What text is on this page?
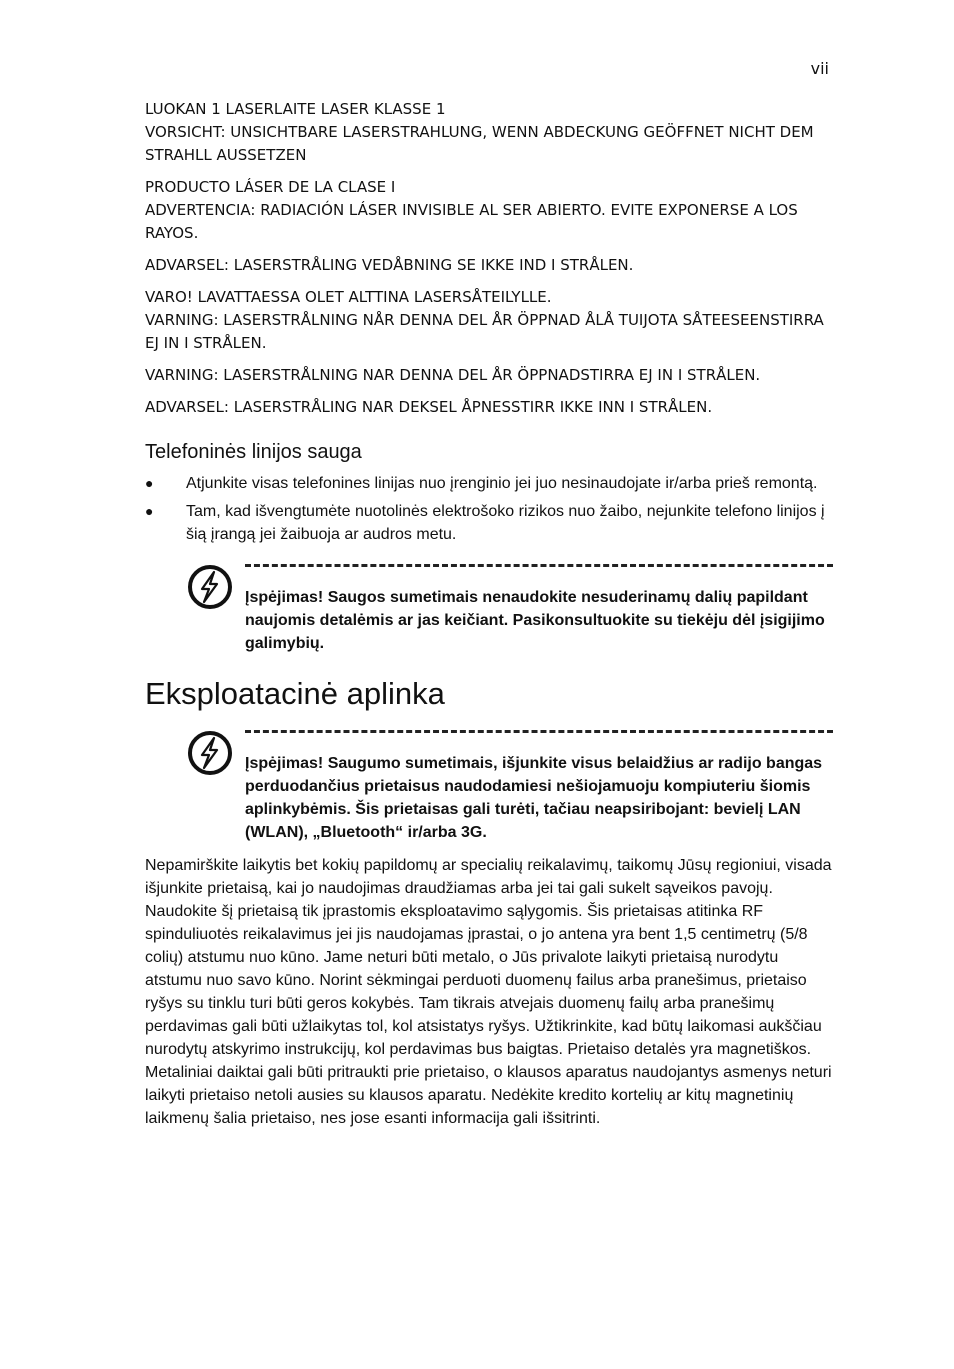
vii
LUOKAN 1 LASERLAITE LASER KLASSE 1
VORSICHT: UNSICHTBARE LASERSTRAHLUNG, WENN ABDECKUNG GEÖFFNET NICHT DEM STRAHLL AUSSETZEN
PRODUCTO LÁSER DE LA CLASE I
ADVERTENCIA: RADIACIÓN LÁSER INVISIBLE AL SER ABIERTO. EVITE EXPONERSE A LOS RAYOS.
ADVARSEL: LASERSTRÅLING VEDÅBNING SE IKKE IND I STRÅLEN.
VARO! LAVATTAESSA OLET ALTTINA LASERSÅTEILYLLE.
VARNING: LASERSTRÅLNING NÅR DENNA DEL ÅR ÖPPNAD ÅLÅ TUIJOTA SÅTEESEENSTIRRA EJ IN I STRÅLEN.
VARNING: LASERSTRÅLNING NAR DENNA DEL ÅR ÖPPNADSTIRRA EJ IN I STRÅLEN.
ADVARSEL: LASERSTRÅLING NAR DEKSEL ÅPNESSTIRR IKKE INN I STRÅLEN.
Telefoninės linijos sauga
● Atjunkite visas telefonines linijas nuo įrenginio jei juo nesinaudojate ir/arba prieš remontą.
● Tam, kad išvengtumėte nuotolinės elektrošoko rizikos nuo žaibo, nejunkite telefono linijos į šią įrangą jei žaibuoja ar audros metu.
Įspėjimas! Saugos sumetimais nenaudokite nesuderinamų dalių papildant naujomis detalėmis ar jas keičiant. Pasikonsultuokite su tiekėju dėl įsigijimo galimybių.
Eksploatacinė aplinka
Įspėjimas! Saugumo sumetimais, išjunkite visus belaidžius ar radijo bangas perduodančius prietaisus naudodamiesi nešiojamuoju kompiuteriu šiomis aplinkybėmis. Šis prietaisas gali turėti, tačiau neapsiribojant: bevielį LAN (WLAN), „Bluetooth“ ir/arba 3G.

Nepamirškite laikytis bet kokių papildomų ar specialių reikalavimų, taikomų Jūsų regioniui, visada išjunkite prietaisą, kai jo naudojimas draudžiamas arba jei tai gali sukelt sąveikos pavojų. Naudokite šį prietaisą tik įprastomis eksploatavimo sąlygomis. Šis prietaisas atitinka RF spinduliuotės reikalavimus jei jis naudojamas įprastai, o jo antena yra bent 1,5 centimetrų (5/8 colių) atstumu nuo kūno. Jame neturi būti metalo, o Jūs privalote laikyti prietaisą nurodytu atstumu nuo savo kūno. Norint sėkmingai perduoti duomenų failus arba pranešimus, prietaiso ryšys su tinklu turi būti geros kokybės. Tam tikrais atvejais duomenų failų arba pranešimų perdavimas gali būti užlaikytas tol, kol atsistatys ryšys. Užtikrinkite, kad būtų laikomasi aukščiau nurodytų atskyrimo instrukcijų, kol perdavimas bus baigtas. Prietaiso detalės yra magnetiškos. Metaliniai daiktai gali būti pritraukti prie prietaiso, o klausos aparatus naudojantys asmenys neturi laikyti prietaiso netoli ausies su klausos aparatu. Nedėkite kredito kortelių ar kitų magnetinių laikmenų šalia prietaiso, nes jose esanti informacija gali išsitrinti.
